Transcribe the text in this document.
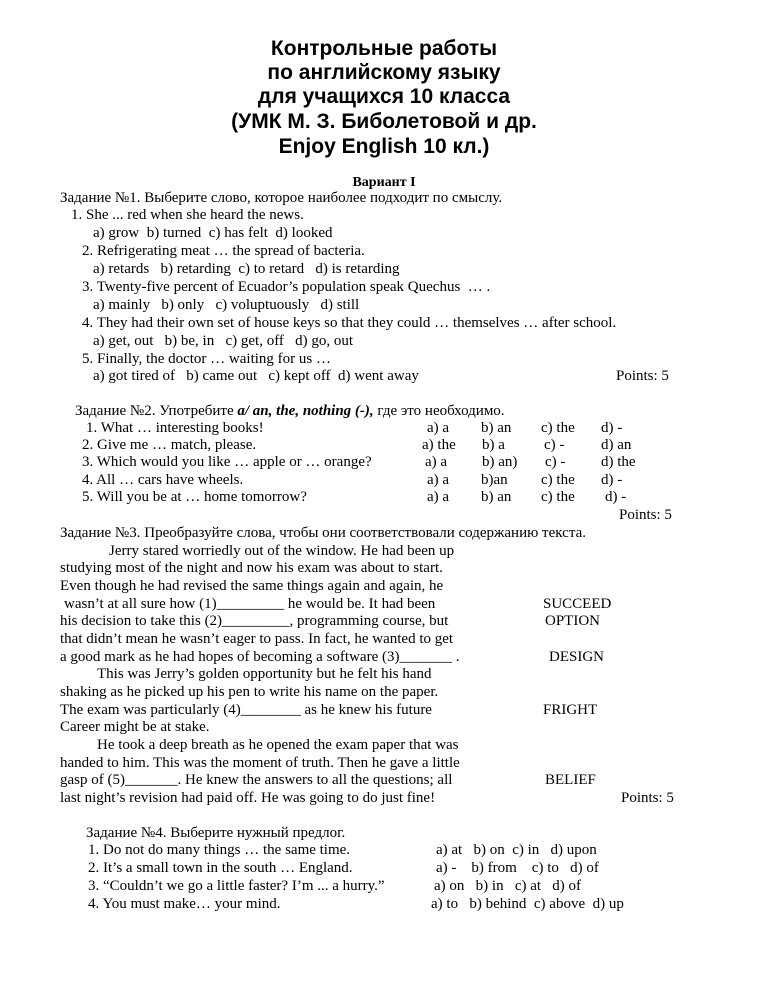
Контрольные работы
по английскому языку
для учащихся 10 класса
(УМК М. З. Биболетовой и др.
Enjoy English 10 кл.)
Вариант I
Задание №1. Выберите слово, которое наиболее подходит по смыслу.
1. She ... red when she heard the news.
a) grow  b) turned  c) has felt  d) looked
2. Refrigerating meat … the spread of bacteria.
a) retards   b) retarding  c) to retard   d) is retarding
3. Twenty-five percent of Ecuador’s population speak Quechus  … .
a) mainly   b) only   c) voluptuously   d) still
4. They had their own set of house keys so that they could … themselves … after school.
a) get, out   b) be, in   c) get, off   d) go, out
5. Finally, the doctor … waiting for us …
a) got tired of   b) came out   c) kept off  d) went away	Points: 5
Задание №2. Употребите a/ an, the, nothing (-), где это необходимо.
1. What … interesting books!	a) a b) an c) the d) -
2. Give me … match, please.	a) the b) a	c) - d) an
3. Which would you like … apple or … orange?	a) a b) an) c) - d) the
4. All … cars have wheels.	a) a b)an c) the d) -
5. Will you be at … home tomorrow?	a) a b) an c) the d) -
Points: 5
Задание №3. Преобразуйте слова, чтобы они соответствовали содержанию текста.
Jerry stared worriedly out of the window. He had been up
studying most of the night and now his exam was about to start.
Even though he had revised the same things again and again, he
wasn’t at all sure how (1)_________ he would be. It had been
his decision to take this (2)_________, programming course, but
that didn’t mean he wasn’t eager to pass. In fact, he wanted to get
a good mark as he had hopes of becoming a software (3)_______ .
This was Jerry’s golden opportunity but he felt his hand
shaking as he picked up his pen to write his name on the paper.
The exam was particularly (4)________ as he knew his future
Career might be at stake.
He took a deep breath as he opened the exam paper that was
handed to him. This was the moment of truth. Then he gave a little
gasp of (5)_______. He knew the answers to all the questions; all
last night’s revision had paid off. He was going to do just fine!
SUCCEED
OPTION
DESIGN
FRIGHT
BELIEF
Points: 5
Задание №4. Выберите нужный предлог.
1. Do not do many things … the same time.	a) at   b) on  c) in   d) upon
2. It’s a small town in the south … England.	a) -    b) from    c) to   d) of
3. “Couldn’t we go a little faster? I’m ... a hurry.”	a) on   b) in   c) at   d) of
4. You must make… your mind.	a) to   b) behind  c) above  d) up
